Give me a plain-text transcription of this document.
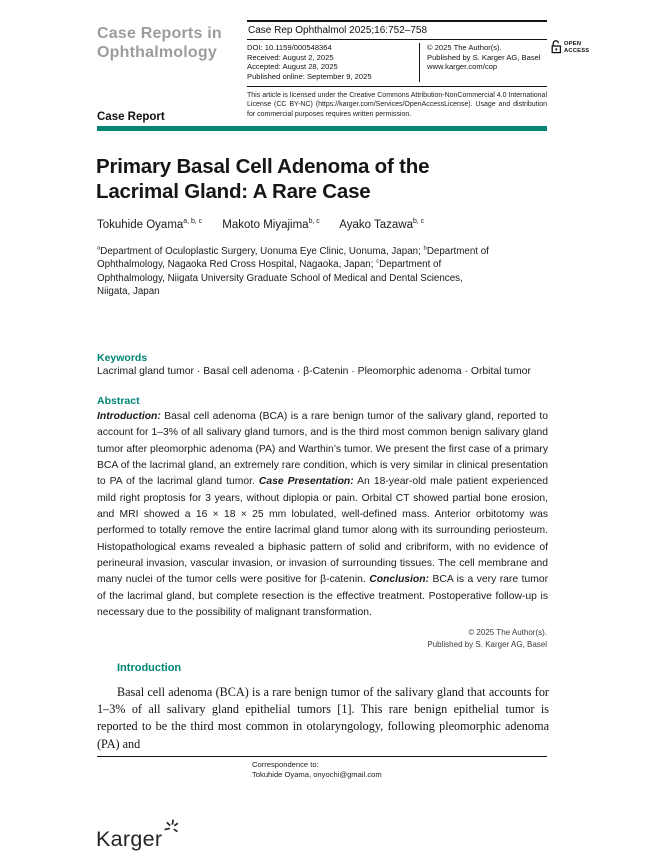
Case Reports in
Ophthalmology
Case Rep Ophthalmol 2025;16:752–758
DOI: 10.1159/000548364
Received: August 2, 2025
Accepted: August 28, 2025
Published online: September 9, 2025
© 2025 The Author(s).
Published by S. Karger AG, Basel
www.karger.com/cop
This article is licensed under the Creative Commons Attribution-NonCommercial 4.0 International License (CC BY-NC) (https://karger.com/Services/OpenAccessLicense). Usage and distribution for commercial purposes requires written permission.
OPEN
ACCESS
Case Report
Primary Basal Cell Adenoma of the
Lacrimal Gland: A Rare Case
Tokuhide Oyama$^{a, b, c}$ Makoto Miyajima$^{b, c}$ Ayako Tazawa$^{b, c}$
$^a$Department of Oculoplastic Surgery, Uonuma Eye Clinic, Uonuma, Japan; $^b$Department of Ophthalmology, Nagaoka Red Cross Hospital, Nagaoka, Japan; $^c$Department of Ophthalmology, Niigata University Graduate School of Medical and Dental Sciences, Niigata, Japan
Keywords
Lacrimal gland tumor · Basal cell adenoma · β-Catenin · Pleomorphic adenoma · Orbital tumor
Abstract
Introduction: Basal cell adenoma (BCA) is a rare benign tumor of the salivary gland, reported to account for 1–3% of all salivary gland tumors, and is the third most common benign salivary gland tumor after pleomorphic adenoma (PA) and Warthin’s tumor. We present the first case of a primary BCA of the lacrimal gland, an extremely rare condition, which is very similar in clinical presentation to PA of the lacrimal gland tumor. Case Presentation: An 18-year-old male patient experienced mild right proptosis for 3 years, without diplopia or pain. Orbital CT showed partial bone erosion, and MRI showed a 16 × 18 × 25 mm lobulated, well-defined mass. Anterior orbitotomy was performed to totally remove the entire lacrimal gland tumor along with its surrounding periosteum. Histopathological exams revealed a biphasic pattern of solid and cribriform, with no evidence of perineural invasion, vascular invasion, or invasion of surrounding tissues. The cell membrane and many nuclei of the tumor cells were positive for β-catenin. Conclusion: BCA is a very rare tumor of the lacrimal gland, but complete resection is the effective treatment. Postoperative follow-up is necessary due to the possibility of malignant transformation.
© 2025 The Author(s).
Published by S. Karger AG, Basel
Introduction
Basal cell adenoma (BCA) is a rare benign tumor of the salivary gland that accounts for 1–3% of all salivary gland epithelial tumors [1]. This rare benign epithelial tumor is reported to be the third most common in otolaryngology, following pleomorphic adenoma (PA) and
Correspondence to:
Tokuhide Oyama, onyochi@gmail.com
Karger
